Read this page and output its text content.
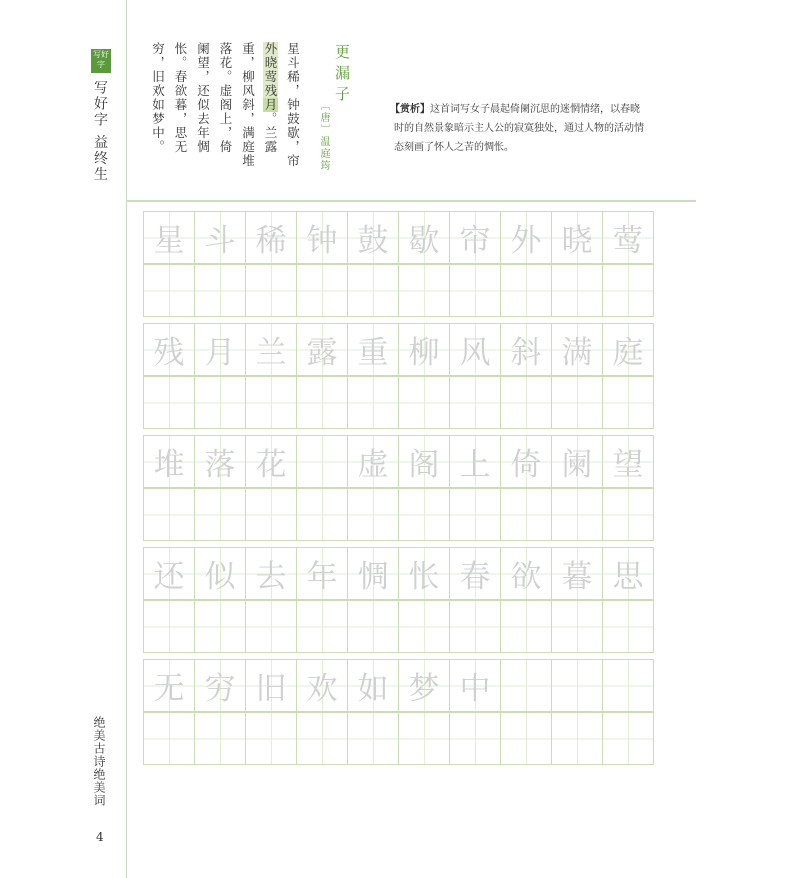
写好字
写好字 益终生
绝美古诗绝美词
4
更漏子
〔唐〕温庭筠
星斗稀，钟鼓歇，帘
外晓莺残月。兰露
重，柳风斜，满庭堆
落花。虚阁上，倚
阑望，还似去年惆
怅。春欲暮，思无
穷，旧欢如梦中。	【赏析】这首词写女子晨起倚阑沉思的迷惘情绪，以春晓时的自然景象暗示主人公的寂寞独处，通过人物的活动情态刻画了怀人之苦的惆怅。
星 斗 稀 钟 鼓 歇 帘 外 晓 莺
残 月 兰 露 重 柳 风 斜 满 庭
堆 落 花 虚 阁 上 倚 阑 望
还 似 去 年 惆 怅 春 欲 暮 思
无 穷 旧 欢 如 梦 中
